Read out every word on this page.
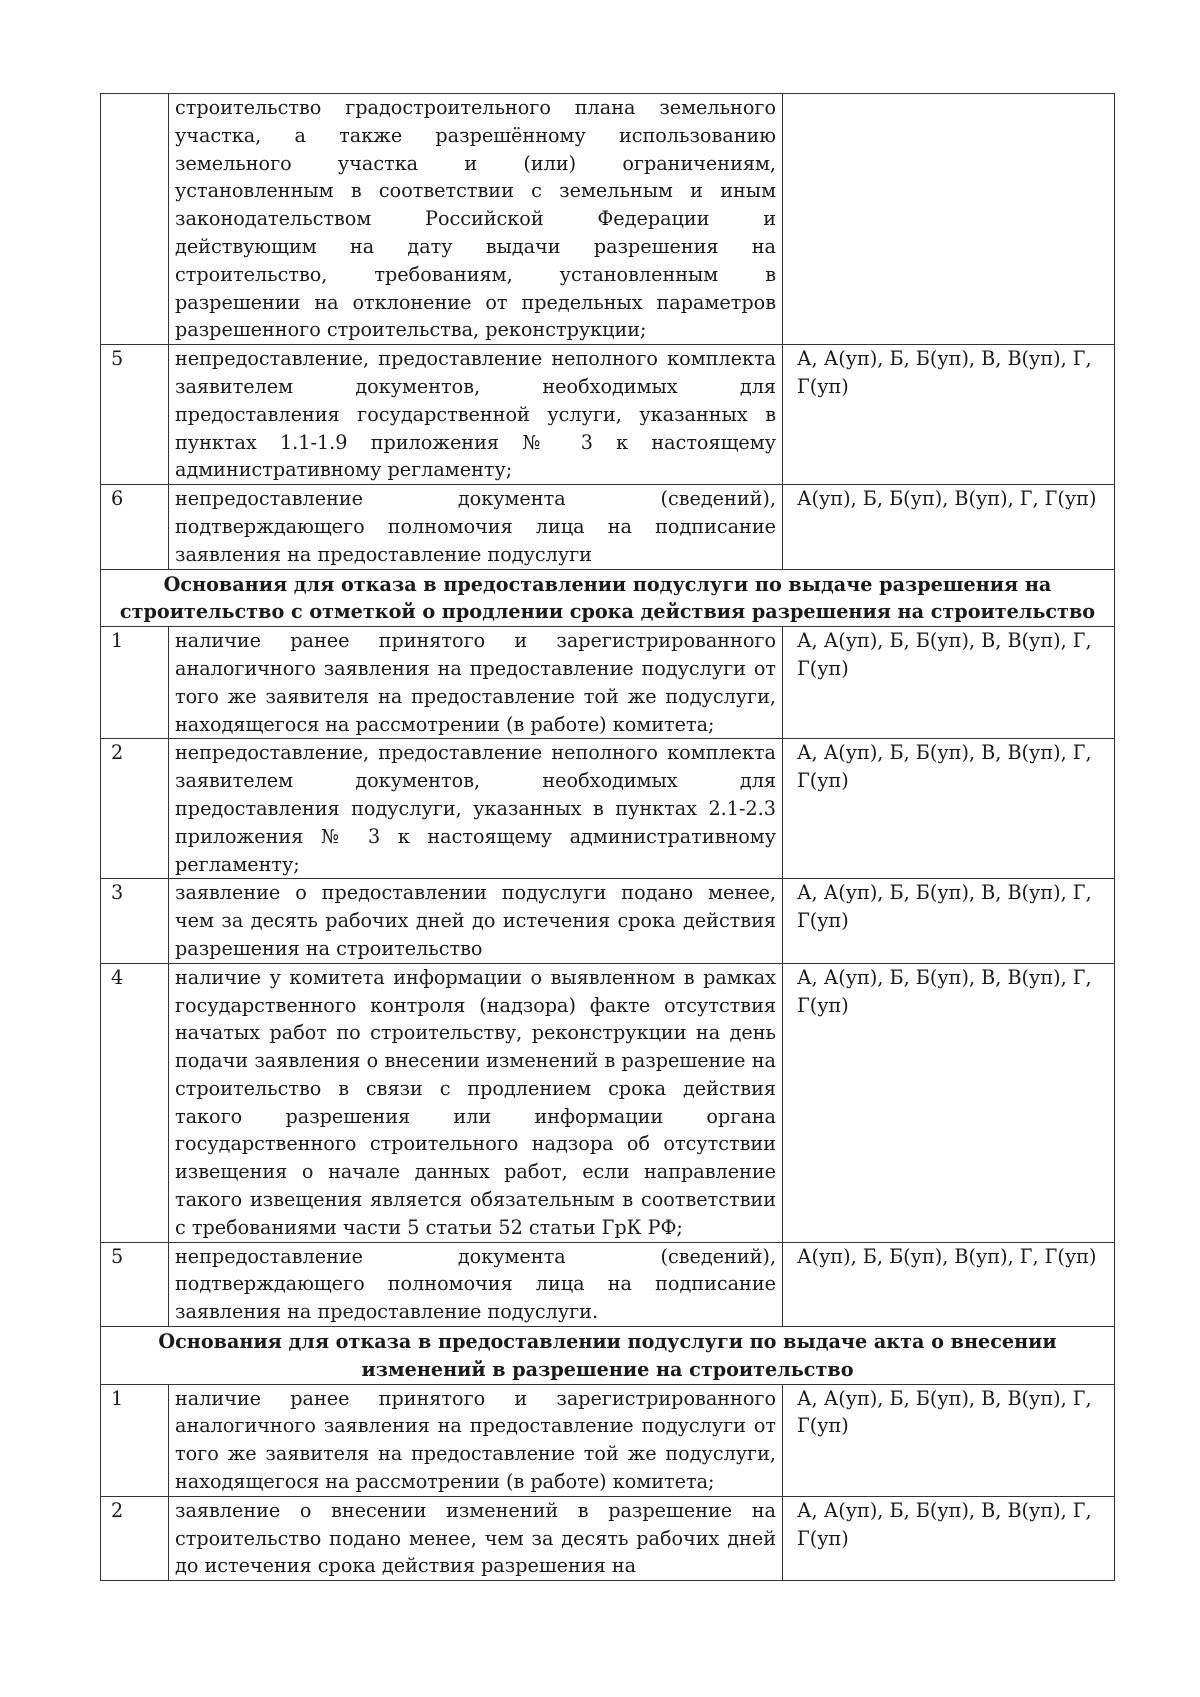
	строительство градостроительного плана земельного участка, а также разрешённому использованию земельного участка и (или) ограничениям, установленным в соответствии с земельным и иным законодательством Российской Федерации и действующим на дату выдачи разрешения на строительство, требованиям, установленным в разрешении на отклонение от предельных параметров разрешенного строительства, реконструкции;	
5	непредоставление, предоставление неполного комплекта заявителем документов, необходимых для предоставления государственной услуги, указанных в пунктах 1.1-1.9 приложения № 3 к настоящему административному регламенту;	А, А(уп), Б, Б(уп), В, В(уп), Г, Г(уп)
6	непредоставление документа (сведений), подтверждающего полномочия лица на подписание заявления на предоставление подуслуги	А(уп), Б, Б(уп), В(уп), Г, Г(уп)
Основания для отказа в предоставлении подуслуги по выдаче разрешения на строительство с отметкой о продлении срока действия разрешения на строительство		
1	наличие ранее принятого и зарегистрированного аналогичного заявления на предоставление подуслуги от того же заявителя на предоставление той же подуслуги, находящегося на рассмотрении (в работе) комитета;	А, А(уп), Б, Б(уп), В, В(уп), Г, Г(уп)
2	непредоставление, предоставление неполного комплекта заявителем документов, необходимых для предоставления подуслуги, указанных в пунктах 2.1-2.3 приложения № 3 к настоящему административному регламенту;	А, А(уп), Б, Б(уп), В, В(уп), Г, Г(уп)
3	заявление о предоставлении подуслуги подано менее, чем за десять рабочих дней до истечения срока действия разрешения на строительство	А, А(уп), Б, Б(уп), В, В(уп), Г, Г(уп)
4	наличие у комитета информации о выявленном в рамках государственного контроля (надзора) факте отсутствия начатых работ по строительству, реконструкции на день подачи заявления о внесении изменений в разрешение на строительство в связи с продлением срока действия такого разрешения или информации органа государственного строительного надзора об отсутствии извещения о начале данных работ, если направление такого извещения является обязательным в соответствии с требованиями части 5 статьи 52 статьи ГрК РФ;	А, А(уп), Б, Б(уп), В, В(уп), Г, Г(уп)
5	непредоставление документа (сведений), подтверждающего полномочия лица на подписание заявления на предоставление подуслуги.	А(уп), Б, Б(уп), В(уп), Г, Г(уп)
Основания для отказа в предоставлении подуслуги по выдаче акта о внесении изменений в разрешение на строительство		
1	наличие ранее принятого и зарегистрированного аналогичного заявления на предоставление подуслуги от того же заявителя на предоставление той же подуслуги, находящегося на рассмотрении (в работе) комитета;	А, А(уп), Б, Б(уп), В, В(уп), Г, Г(уп)
2	заявление о внесении изменений в разрешение на строительство подано менее, чем за десять рабочих дней до истечения срока действия разрешения на	А, А(уп), Б, Б(уп), В, В(уп), Г, Г(уп)
